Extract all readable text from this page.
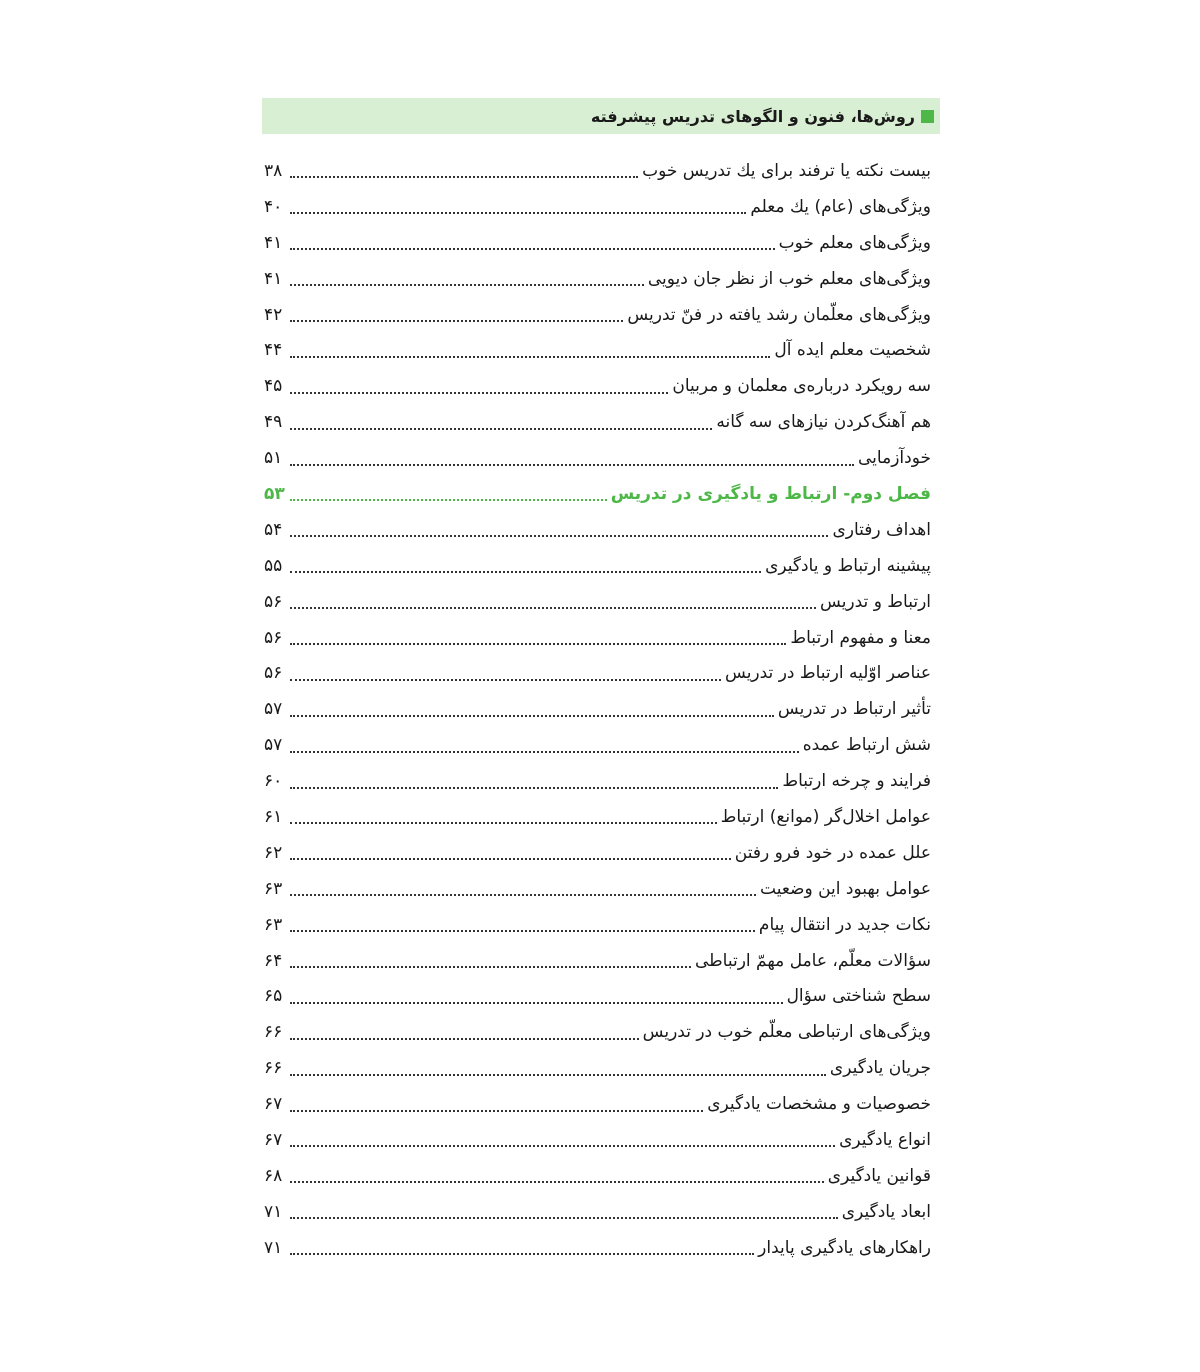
روش‌ها، فنون و الگوهای تدریس پیشرفته
بیست نکته یا ترفند برای یك تدریس خوب
۳۸
ویژگی‌های (عام) یك معلم
۴۰
ویژگی‌های معلم خوب
۴۱
ویژگی‌های معلم خوب از نظر جان دیویی
۴۱
ویژگی‌های معلّمان رشد یافته در فنّ تدریس
۴۲
شخصیت معلم ایده آل
۴۴
سه رویکرد درباره‌ی معلمان و مربیان
۴۵
هم آهنگ‌کردن نیازهای سه گانه
۴۹
خودآزمایی
۵۱
فصل دوم- ارتباط و یادگیری در تدریس
۵۳
اهداف رفتاری
۵۴
پیشینه ارتباط و یادگیری
۵۵
ارتباط و تدریس
۵۶
معنا و مفهوم ارتباط
۵۶
عناصر اوّلیه ارتباط در تدریس
۵۶
تأثیر ارتباط در تدریس
۵۷
شش ارتباط عمده
۵۷
فرایند و چرخه ارتباط
۶۰
عوامل اخلال‌گر (موانع) ارتباط
۶۱
علل عمده در خود فرو رفتن
۶۲
عوامل بهبود این وضعیت
۶۳
نکات جدید در انتقال پیام
۶۳
سؤالات معلّم، عامل مهمّ ارتباطی
۶۴
سطح شناختی سؤال
۶۵
ویژگی‌های ارتباطی معلّم خوب در تدریس
۶۶
جریان یادگیری
۶۶
خصوصیات و مشخصات یادگیری
۶۷
انواع یادگیری
۶۷
قوانین یادگیری
۶۸
ابعاد یادگیری
۷۱
راهکارهای یادگیری پایدار
۷۱
